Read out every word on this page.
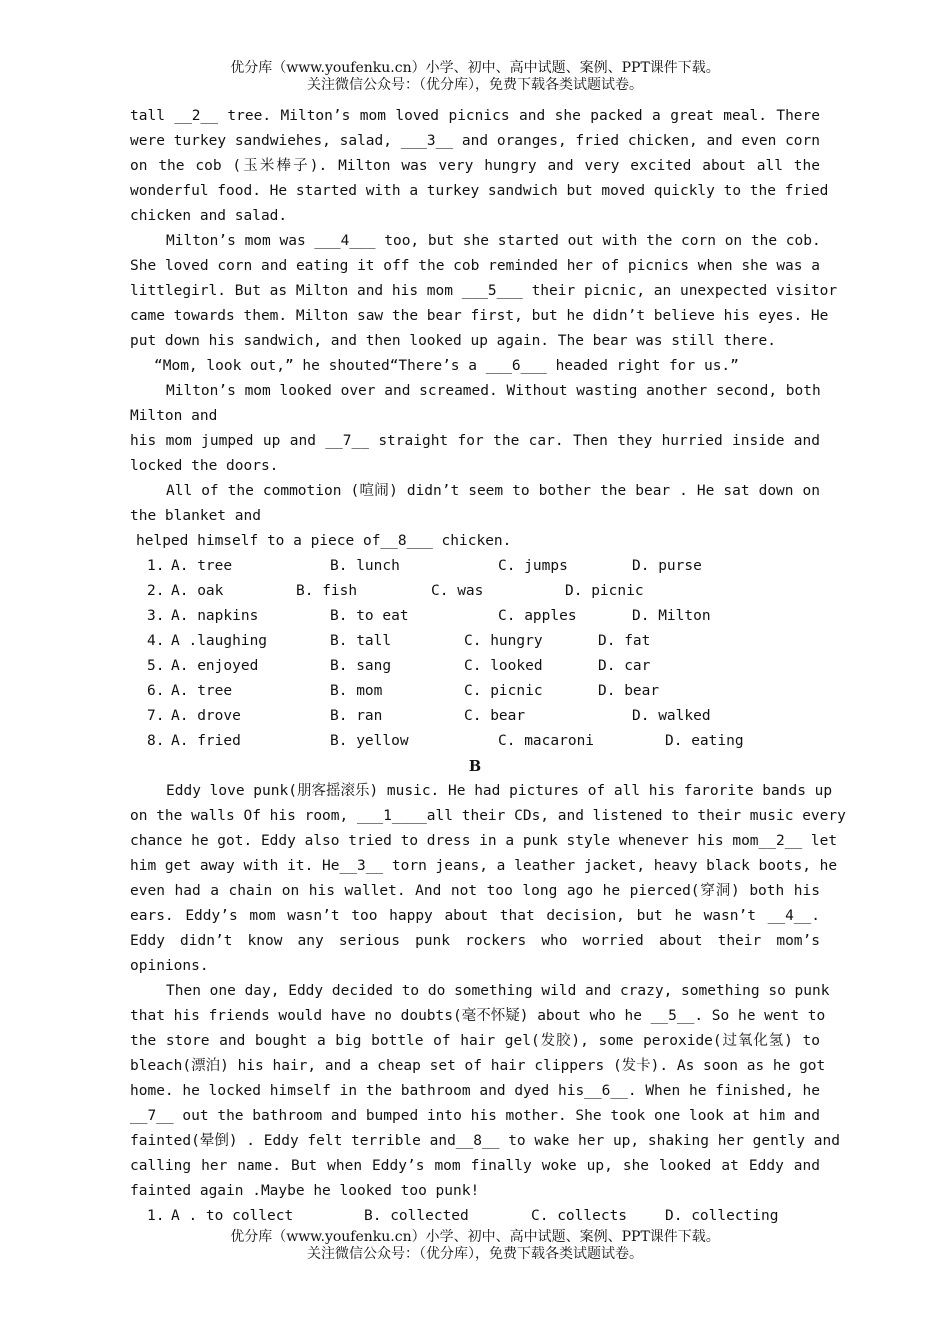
优分库（www.youfenku.cn）小学、初中、高中试题、案例、PPT课件下载。
关注微信公众号：（优分库），免费下载各类试题试卷。
tall __2__ tree. Milton’s mom loved picnics and she packed a great meal. There
were turkey sandwiehes, salad, ___3__ and oranges, fried chicken, and even corn
on the cob (玉米棒子). Milton was very hungry and very excited about all the
wonderful food. He started with a turkey sandwich but moved quickly to the fried
chicken and salad.
Milton’s mom was ___4___ too, but she started out with the corn on the cob.
She loved corn and eating it off the cob reminded her of picnics when she was a
littlegirl. But as Milton and his mom ___5___ their picnic, an unexpected visitor
came towards them. Milton saw the bear first, but he didn’t believe his eyes. He
put down his sandwich, and then looked up again. The bear was still there.
“Mom, look out,” he shouted“There’s a ___6___ headed right for us.”
Milton’s mom looked over and screamed. Without wasting another second, both
Milton and
his mom jumped up and __7__ straight for the car. Then they hurried inside and
locked the doors.
All of the commotion (喧闹) didn’t seem to bother the bear . He sat down on
the blanket and
helped himself to a piece of__8___ chicken.
1. A. tree	B. lunch	C. jumps	D. purse
2. A. oak	B. fish	C. was	D. picnic
3. A. napkins	B. to eat	C. apples	D. Milton
4. A .laughing	B. tall	C. hungry	D. fat
5. A. enjoyed	B. sang	C. looked	D. car
6. A. tree	B. mom	C. picnic	D. bear
7. A. drove	B. ran	C. bear	D. walked
8. A. fried	B. yellow	C. macaroni	D. eating
B
Eddy love punk(朋客摇滚乐) music. He had pictures of all his farorite bands up
on the walls Of his room, ___1____all their CDs, and listened to their music every
chance he got. Eddy also tried to dress in a punk style whenever his mom__2__ let
him get away with it. He__3__ torn jeans, a leather jacket, heavy black boots, he
even had a chain on his wallet. And not too long ago he pierced(穿洞) both his
ears. Eddy’s mom wasn’t too happy about that decision, but he wasn’t __4__.
Eddy didn’t know any serious punk rockers who worried about their mom’s
opinions.
Then one day, Eddy decided to do something wild and crazy, something so punk
that his friends would have no doubts(毫不怀疑) about who he __5__. So he went to
the store and bought a big bottle of hair gel(发胶), some peroxide(过氧化氢) to
bleach(漂泊) his hair, and a cheap set of hair clippers (发卡). As soon as he got
home. he locked himself in the bathroom and dyed his__6__. When he finished, he
__7__ out the bathroom and bumped into his mother. She took one look at him and
fainted(晕倒) . Eddy felt terrible and__8__ to wake her up, shaking her gently and
calling her name. But when Eddy’s mom finally woke up, she looked at Eddy and
fainted again .Maybe he looked too punk!
1. A . to collect	B. collected	C. collects	D. collecting
优分库（www.youfenku.cn）小学、初中、高中试题、案例、PPT课件下载。
关注微信公众号：（优分库），免费下载各类试题试卷。
